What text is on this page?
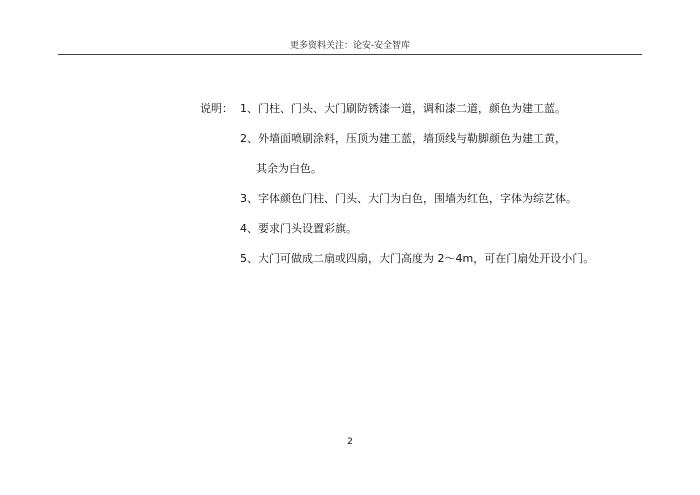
更多资料关注：论安-安全智库
说明： 1、门柱、门头、大门刷防锈漆一道，调和漆二道，颜色为建工蓝。
2、外墙面喷刷涂料，压顶为建工蓝，墙顶线与勒脚颜色为建工黄，
其余为白色。
3、字体颜色门柱、门头、大门为白色，围墙为红色，字体为综艺体。
4、要求门头设置彩旗。
5、大门可做成二扇或四扇，大门高度为 2～4m，可在门扇处开设小门。
2
